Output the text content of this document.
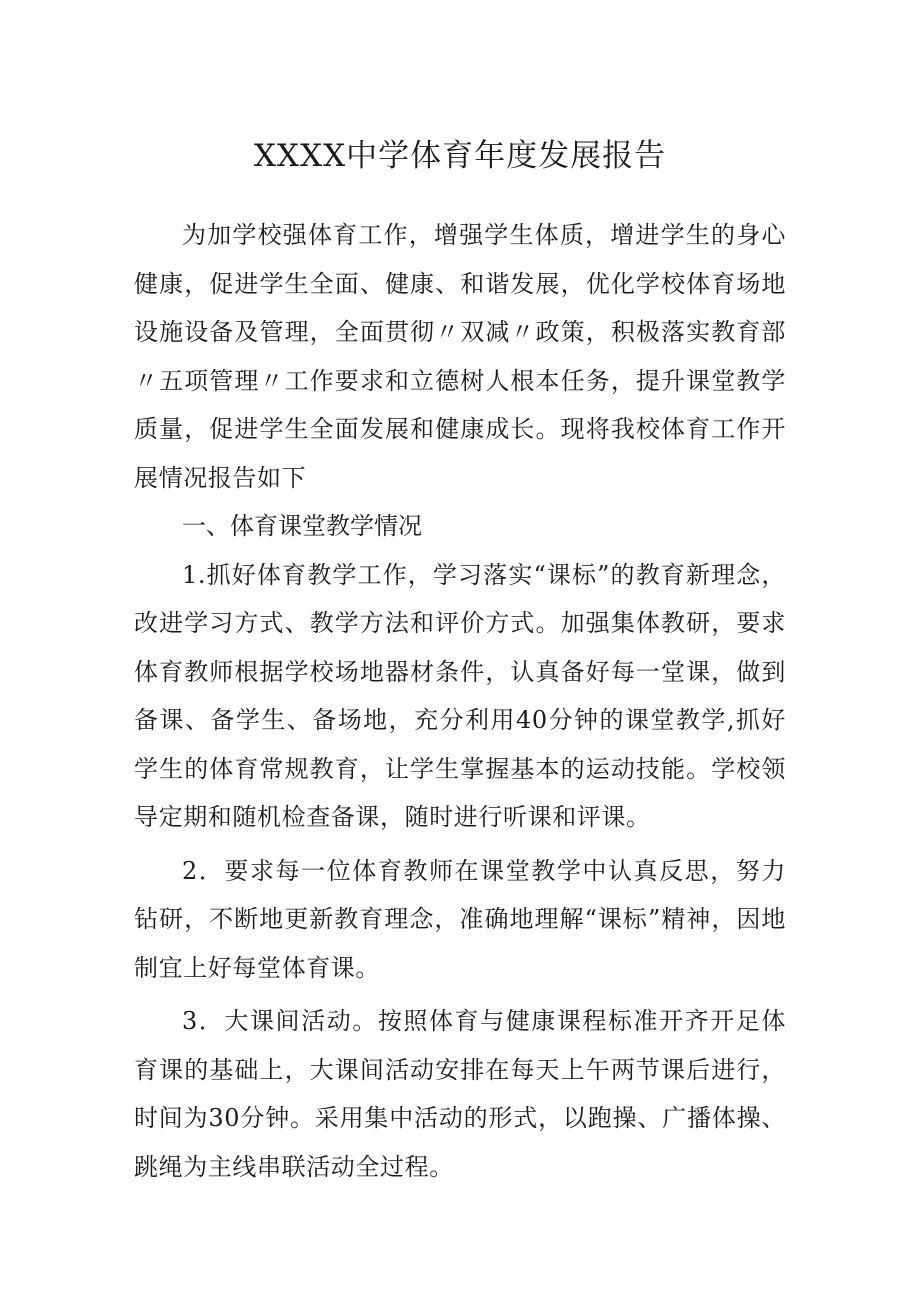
XXXX中学体育年度发展报告

为加学校强体育工作，增强学生体质，增进学生的身心健康，促进学生全面、健康、和谐发展，优化学校体育场地设施设备及管理，全面贯彻〃双减〃政策，积极落实教育部〃五项管理〃工作要求和立德树人根本任务，提升课堂教学质量，促进学生全面发展和健康成长。现将我校体育工作开展情况报告如下

一、体育课堂教学情况

1.抓好体育教学工作，学习落实“课标”的教育新理念，改进学习方式、教学方法和评价方式。加强集体教研，要求体育教师根据学校场地器材条件，认真备好每一堂课，做到备课、备学生、备场地，充分利用40分钟的课堂教学,抓好学生的体育常规教育，让学生掌握基本的运动技能。学校领导定期和随机检查备课，随时进行听课和评课。

2．要求每一位体育教师在课堂教学中认真反思，努力钻研，不断地更新教育理念，准确地理解“课标”精神，因地制宜上好每堂体育课。

3．大课间活动。按照体育与健康课程标准开齐开足体育课的基础上，大课间活动安排在每天上午两节课后进行，时间为30分钟。采用集中活动的形式，以跑操、广播体操、跳绳为主线串联活动全过程。
